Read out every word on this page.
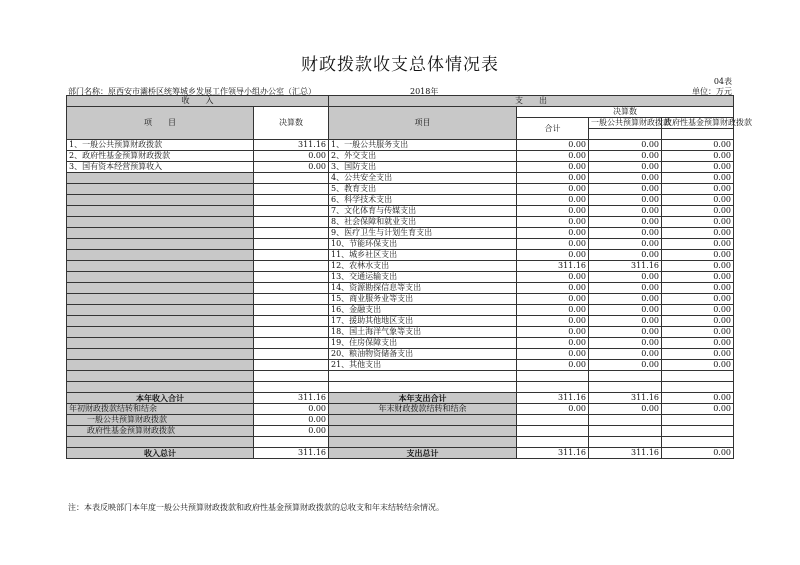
财政拨款收支总体情况表
04表
部门名称：原西安市灞桥区统筹城乡发展工作领导小组办公室（汇总）	2018年	单位：万元
收　　入		支　　出			
项　　目	决算数	项目	决算数		
			合计	一般公共预算财政拨款	政府性基金预算财政拨款

1、一般公共预算财政拨款	311.16	1、一般公共服务支出	0.00	0.00	0.00
2、政府性基金预算财政拨款	0.00	2、外交支出	0.00	0.00	0.00
3、国有资本经营预算收入	0.00	3、国防支出	0.00	0.00	0.00
		4、公共安全支出	0.00	0.00	0.00
		5、教育支出	0.00	0.00	0.00
		6、科学技术支出	0.00	0.00	0.00
		7、文化体育与传媒支出	0.00	0.00	0.00
		8、社会保障和就业支出	0.00	0.00	0.00
		9、医疗卫生与计划生育支出	0.00	0.00	0.00
		10、节能环保支出	0.00	0.00	0.00
		11、城乡社区支出	0.00	0.00	0.00
		12、农林水支出	311.16	311.16	0.00
		13、交通运输支出	0.00	0.00	0.00
		14、资源勘探信息等支出	0.00	0.00	0.00
		15、商业服务业等支出	0.00	0.00	0.00
		16、金融支出	0.00	0.00	0.00
		17、援助其他地区支出	0.00	0.00	0.00
		18、国土海洋气象等支出	0.00	0.00	0.00
		19、住房保障支出	0.00	0.00	0.00
		20、粮油物资储备支出	0.00	0.00	0.00
		21、其他支出	0.00	0.00	0.00

本年收入合计	311.16	本年支出合计	311.16	311.16	0.00
年初财政拨款结转和结余	0.00	年末财政拨款结转和结余	0.00	0.00	0.00
一般公共预算财政拨款	0.00				
政府性基金预算财政拨款	0.00				

收入总计	311.16	支出总计	311.16	311.16	0.00
注：本表反映部门本年度一般公共预算财政拨款和政府性基金预算财政拨款的总收支和年末结转结余情况。
